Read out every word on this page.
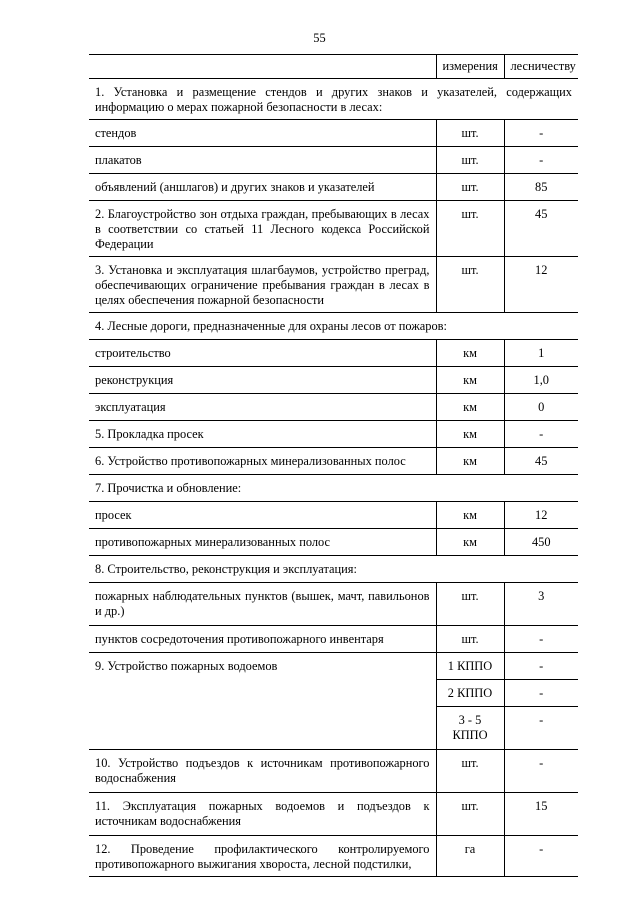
55
	измерения	лесничеству
1. Установка и размещение стендов и других знаков и указателей, содержащих информацию о мерах пожарной безопасности в лесах:		
стендов	шт.	-
плакатов	шт.	-
объявлений (аншлагов) и других знаков и указателей	шт.	85
2. Благоустройство зон отдыха граждан, пребывающих в лесах в соответствии со статьей 11 Лесного кодекса Российской Федерации	шт.	45
3. Установка и эксплуатация шлагбаумов, устройство преград, обеспечивающих ограничение пребывания граждан в лесах в целях обеспечения пожарной безопасности	шт.	12
4. Лесные дороги, предназначенные для охраны лесов от пожаров:		
строительство	км	1
реконструкция	км	1,0
эксплуатация	км	0
5. Прокладка просек	км	-
6. Устройство противопожарных минерализованных полос	км	45
7. Прочистка и обновление:		
просек	км	12
противопожарных минерализованных полос	км	450
8. Строительство, реконструкция и эксплуатация:		
пожарных наблюдательных пунктов (вышек, мачт, павильонов и др.)	шт.	3
пунктов сосредоточения противопожарного инвентаря	шт.	-
9. Устройство пожарных водоемов	1 КППО	-
	2 КППО	-
	3 - 5 КППО	-
10. Устройство подъездов к источникам противопожарного водоснабжения	шт.	-
11. Эксплуатация пожарных водоемов и подъездов к источникам водоснабжения	шт.	15
12. Проведение профилактического контролируемого противопожарного выжигания хвороста, лесной подстилки,	га	-
